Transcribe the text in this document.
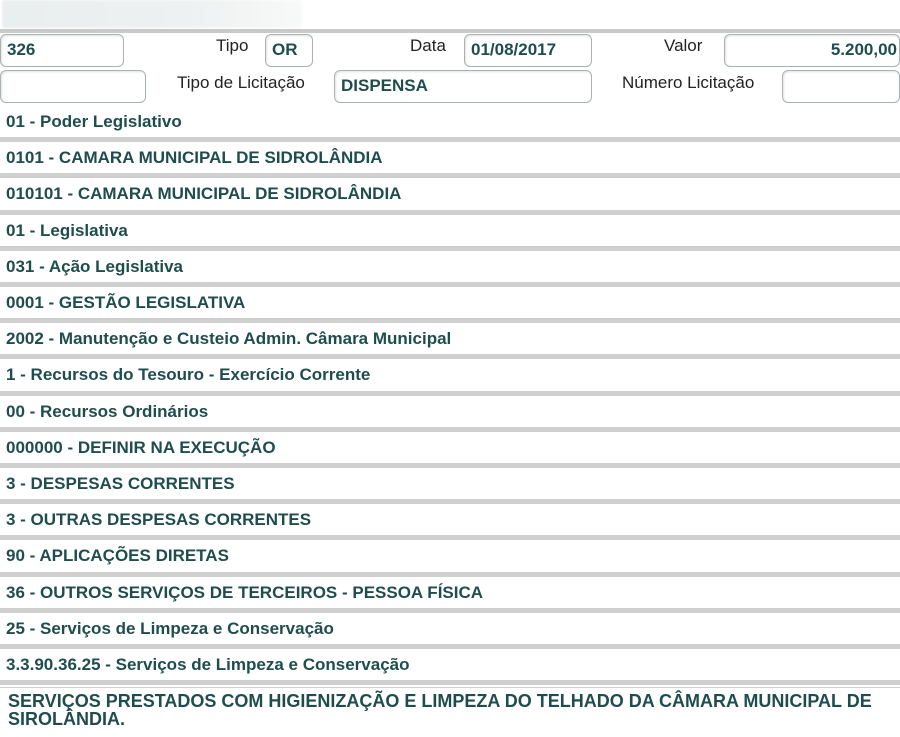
326	Tipo	OR	Data	01/08/2017	Valor	5.200,00
Tipo de Licitação	DISPENSA	Número Licitação
01 - Poder Legislativo
0101 - CAMARA MUNICIPAL DE SIDROLÂNDIA
010101 - CAMARA MUNICIPAL DE SIDROLÂNDIA
01 - Legislativa
031 - Ação Legislativa
0001 - GESTÃO LEGISLATIVA
2002 - Manutenção e Custeio Admin. Câmara Municipal
1 - Recursos do Tesouro - Exercício Corrente
00 - Recursos Ordinários
000000 - DEFINIR NA EXECUÇÃO
3 - DESPESAS CORRENTES
3 - OUTRAS DESPESAS CORRENTES
90 - APLICAÇÕES DIRETAS
36 - OUTROS SERVIÇOS DE TERCEIROS - PESSOA FÍSICA
25 - Serviços de Limpeza e Conservação
3.3.90.36.25 - Serviços de Limpeza e Conservação
SERVIÇOS PRESTADOS COM HIGIENIZAÇÃO E LIMPEZA DO TELHADO DA CÂMARA MUNICIPAL DE SIROLÂNDIA.
